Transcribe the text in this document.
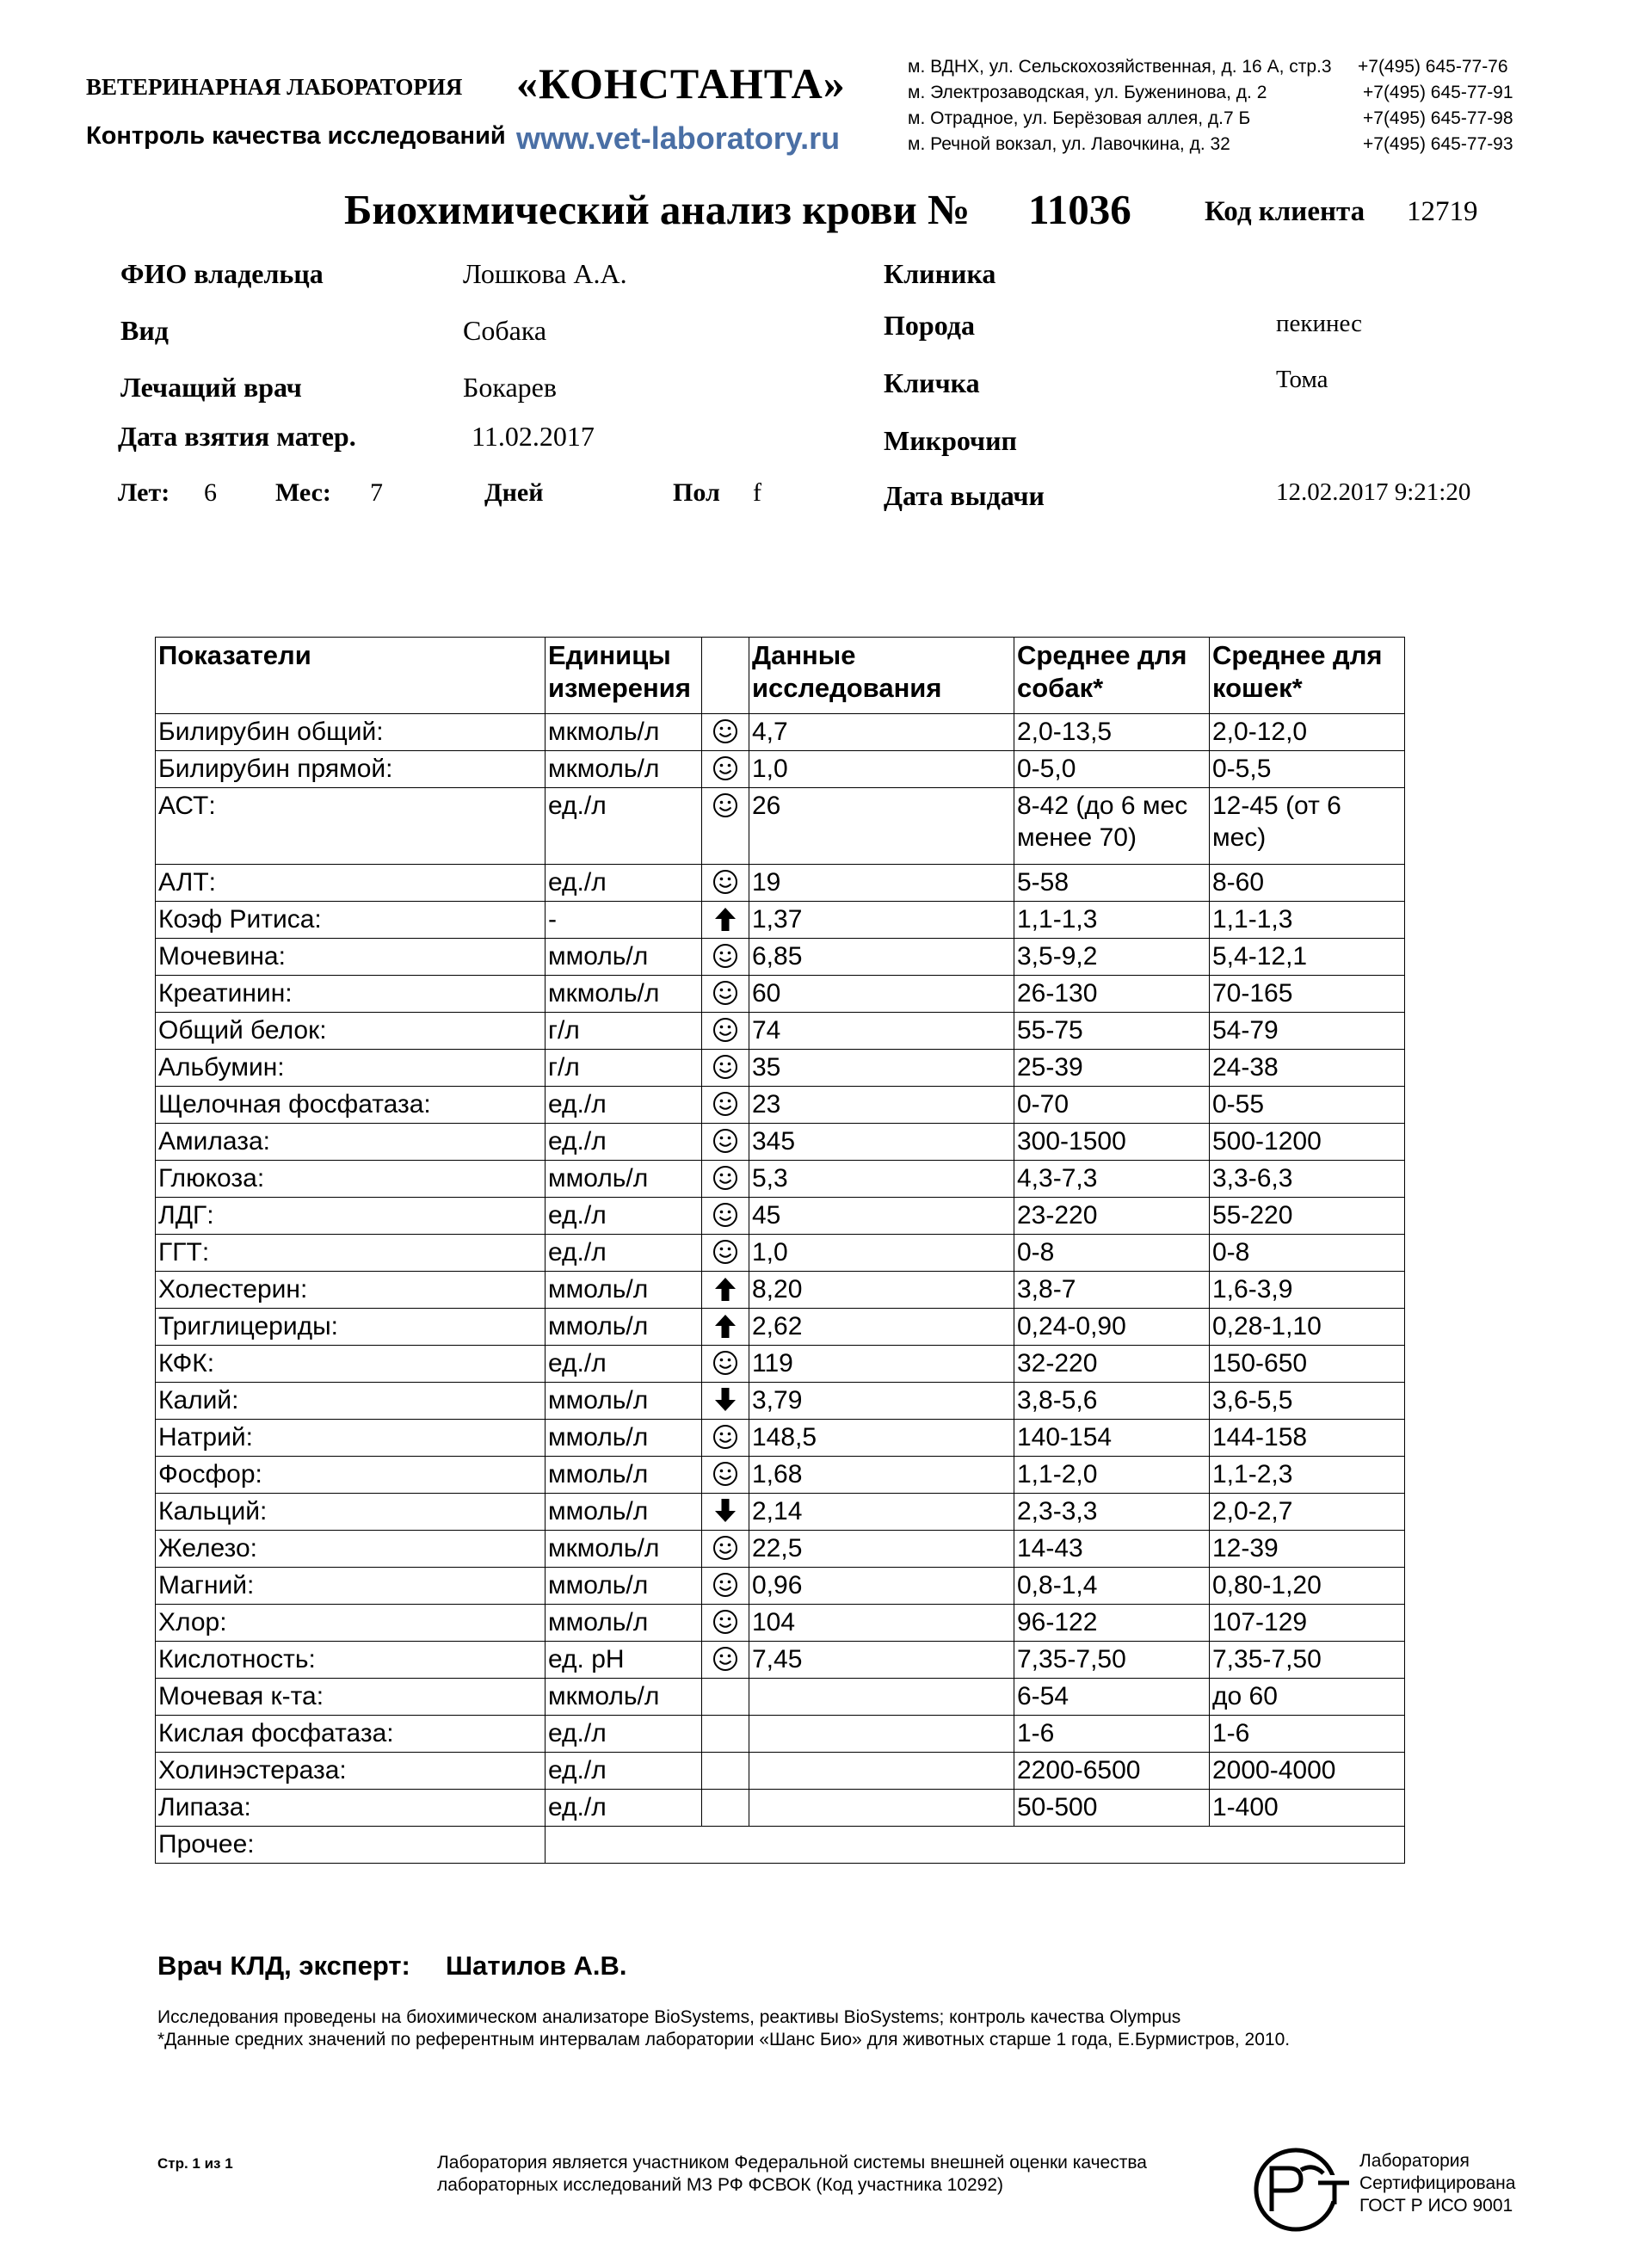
ВЕТЕРИНАРНАЯ ЛАБОРАТОРИЯ «КОНСТАНТА»
Контроль качества исследований www.vet-laboratory.ru
м. ВДНХ, ул. Сельскохозяйственная, д. 16 А, стр.3 +7(495) 645-77-76
м. Электрозаводская, ул. Буженинова, д. 2	+7(495) 645-77-91
м. Отрадное, ул. Берёзовая аллея, д.7 Б	+7(495) 645-77-98
м. Речной вокзал, ул. Лавочкина, д. 32	+7(495) 645-77-93
Биохимический анализ крови № 11036	Код клиента 12719
ФИО владельца	Лошкова А.А.
Вид	Собака
Лечащий врач	Бокарев
Дата взятия матер.	11.02.2017
Лет: 6 Мес: 7	Дней	Пол f
Клиника
Порода	пекинес
Кличка	Тома
Микрочип
Дата выдачи	12.02.2017 9:21:20
Показатели	Единицы измерения		Данные исследования	Среднее для собак*	Среднее для кошек*
Билирубин общий:	мкмоль/л		4,7	2,0-13,5	2,0-12,0
Билирубин прямой:	мкмоль/л		1,0	0-5,0	0-5,5
АСТ:	ед./л		26	8-42 (до 6 мес менее 70)	12-45 (от 6 мес)
АЛТ:	ед./л		19	5-58	8-60
Коэф Ритиса:	-		1,37	1,1-1,3	1,1-1,3
Мочевина:	ммоль/л		6,85	3,5-9,2	5,4-12,1
Креатинин:	мкмоль/л		60	26-130	70-165
Общий белок:	г/л		74	55-75	54-79
Альбумин:	г/л		35	25-39	24-38
Щелочная фосфатаза:	ед./л		23	0-70	0-55
Амилаза:	ед./л		345	300-1500	500-1200
Глюкоза:	ммоль/л		5,3	4,3-7,3	3,3-6,3
ЛДГ:	ед./л		45	23-220	55-220
ГГТ:	ед./л		1,0	0-8	0-8
Холестерин:	ммоль/л		8,20	3,8-7	1,6-3,9
Триглицериды:	ммоль/л		2,62	0,24-0,90	0,28-1,10
КФК:	ед./л		119	32-220	150-650
Калий:	ммоль/л		3,79	3,8-5,6	3,6-5,5
Натрий:	ммоль/л		148,5	140-154	144-158
Фосфор:	ммоль/л		1,68	1,1-2,0	1,1-2,3
Кальций:	ммоль/л		2,14	2,3-3,3	2,0-2,7
Железо:	мкмоль/л		22,5	14-43	12-39
Магний:	ммоль/л		0,96	0,8-1,4	0,80-1,20
Хлор:	ммоль/л		104	96-122	107-129
Кислотность:	ед. pH		7,45	7,35-7,50	7,35-7,50
Мочевая к-та:	мкмоль/л			6-54	до 60
Кислая фосфатаза:	ед./л			1-6	1-6
Холинэстераза:	ед./л			2200-6500	2000-4000
Липаза:	ед./л			50-500	1-400
Прочее:					
Врач КЛД, эксперт: Шатилов А.В.
Исследования проведены на биохимическом анализаторе BioSystems, реактивы BioSystems; контроль качества Olympus
*Данные средних значений по референтным интервалам лаборатории «Шанс Био» для животных старше 1 года, Е.Бурмистров, 2010.
Стр. 1 из 1	Лаборатория является участником Федеральной системы внешней оценки качества
лабораторных исследований МЗ РФ ФСВОК (Код участника 10292)
Лаборатория
Сертифицирована
ГОСТ Р ИСО 9001
